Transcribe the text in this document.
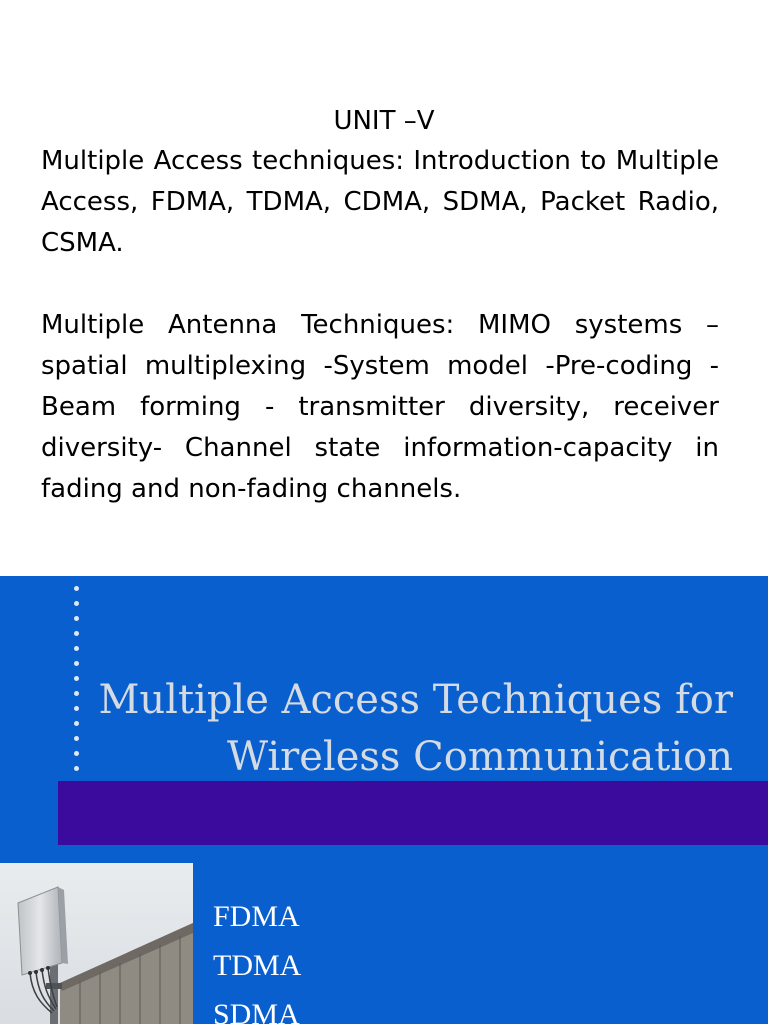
UNIT –V
Multiple Access techniques: Introduction to Multiple Access, FDMA, TDMA, CDMA, SDMA, Packet Radio, CSMA.
Multiple Antenna Techniques: MIMO systems – spatial multiplexing -System model -Pre-coding - Beam forming - transmitter diversity, receiver diversity- Channel state information-capacity in fading and non-fading channels.
Multiple Access Techniques for
Wireless Communication
FDMA
TDMA
SDMA
